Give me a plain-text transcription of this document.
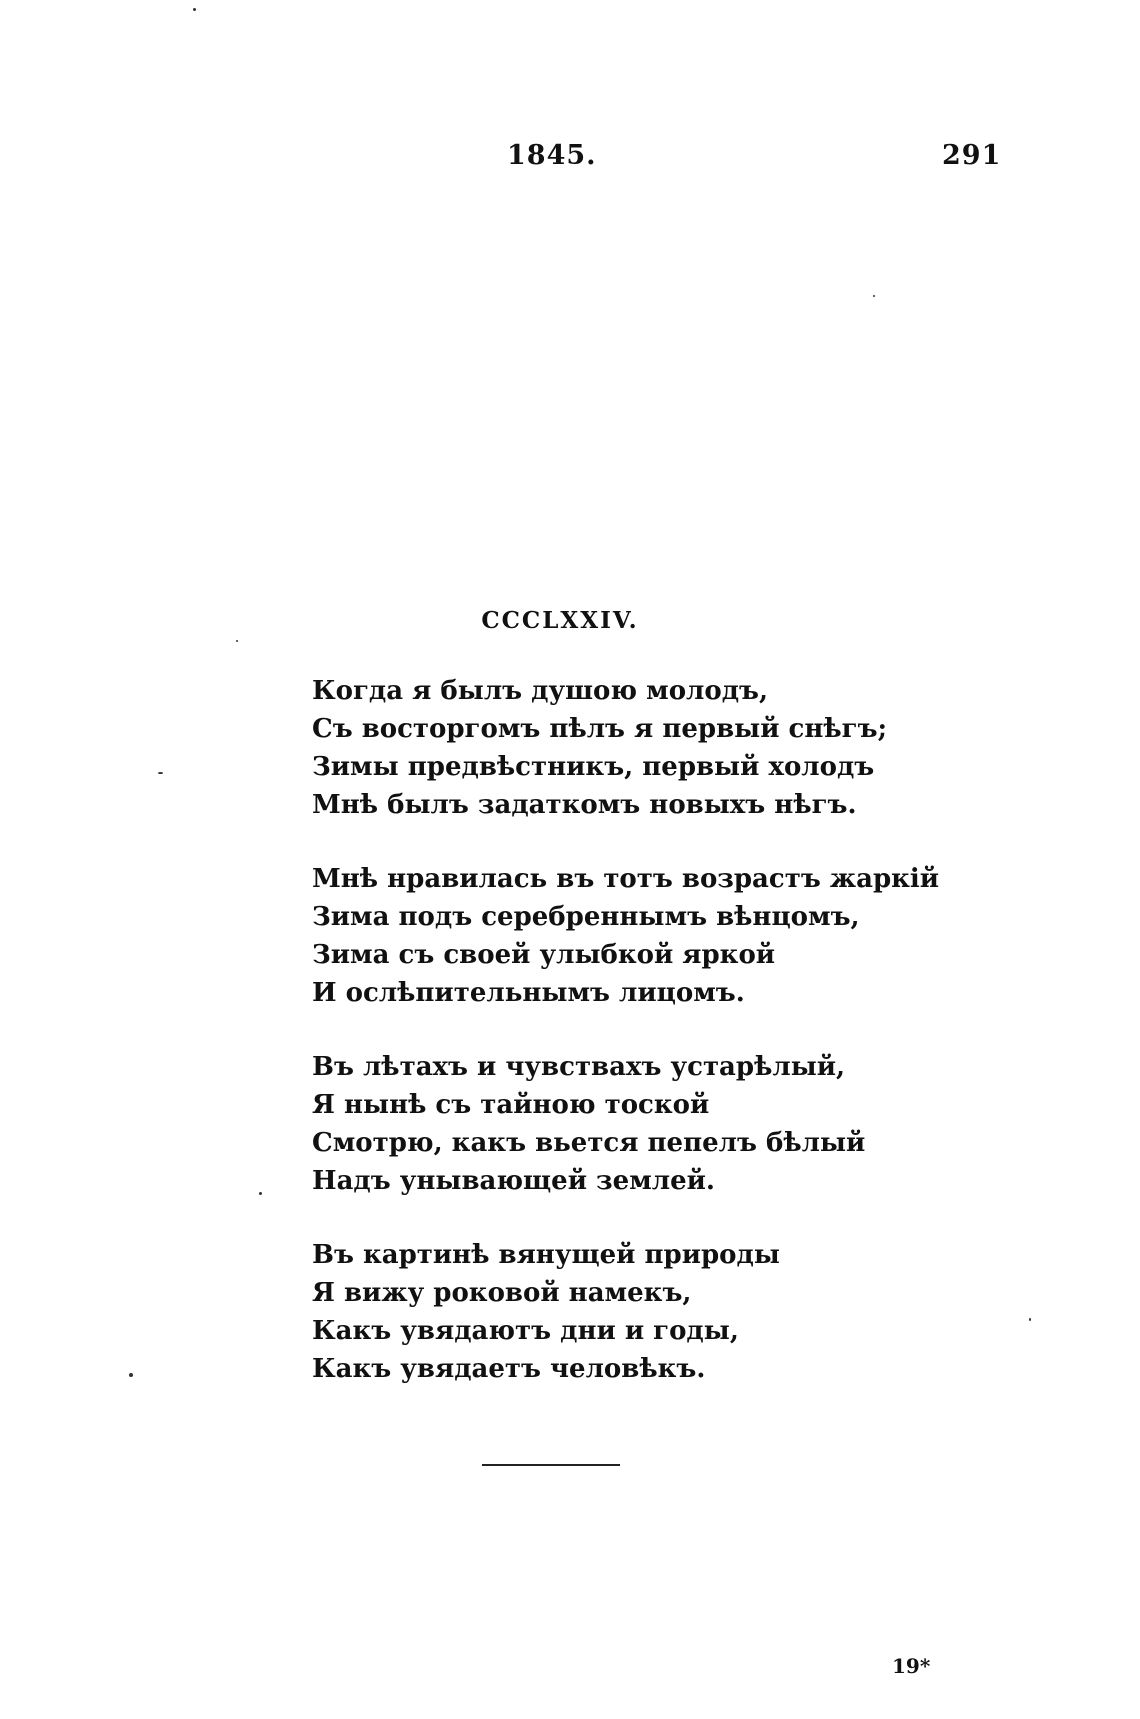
1845.	291
CCCLXXIV.
Когда я былъ душою молодъ,
Съ восторгомъ пѣлъ я первый снѣгъ;
Зимы предвѣстникъ, первый холодъ
Мнѣ былъ задаткомъ новыхъ нѣгъ.
Мнѣ нравилась въ тотъ возрастъ жаркій
Зима подъ серебреннымъ вѣнцомъ,
Зима съ своей улыбкой яркой
И ослѣпительнымъ лицомъ.
Въ лѣтахъ и чувствахъ устарѣлый,
Я нынѣ съ тайною тоской
Смотрю, какъ вьется пепелъ бѣлый
Надъ унывающей землей.
Въ картинѣ вянущей природы
Я вижу роковой намекъ,
Какъ увядаютъ дни и годы,
Какъ увядаетъ человѣкъ.
19*
